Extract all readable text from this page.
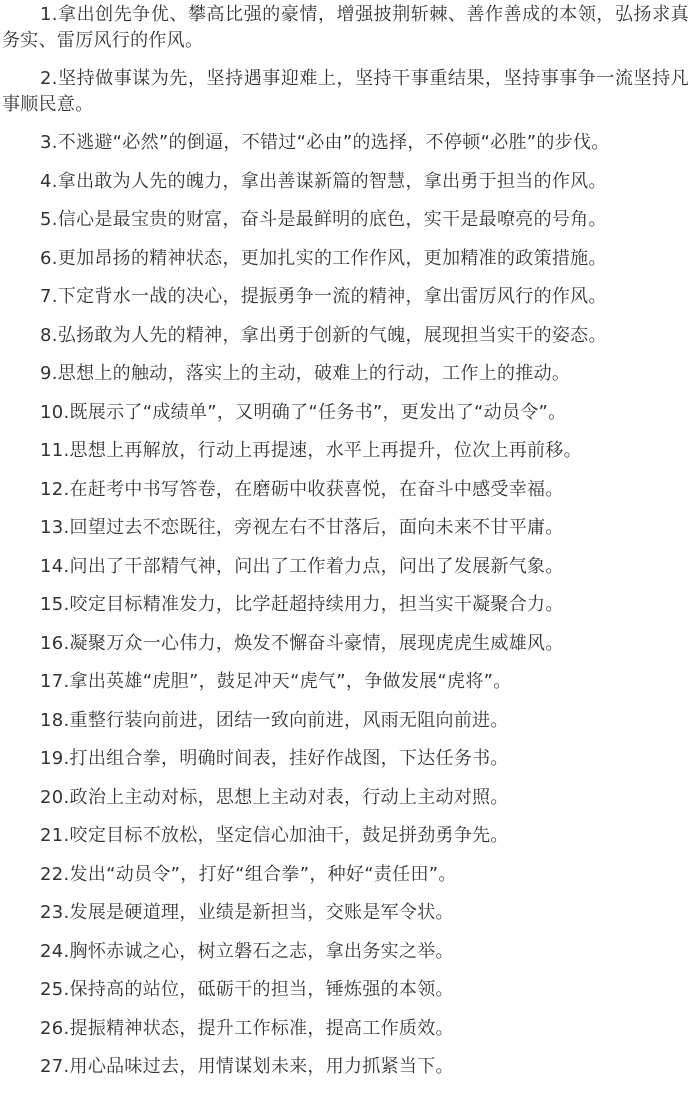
1.拿出创先争优、攀高比强的豪情，增强披荆斩棘、善作善成的本领，弘扬求真务实、雷厉风行的作风。

2.坚持做事谋为先，坚持遇事迎难上，坚持干事重结果，坚持事事争一流坚持凡事顺民意。

3.不逃避“必然”的倒逼，不错过“必由”的选择，不停顿“必胜”的步伐。

4.拿出敢为人先的魄力，拿出善谋新篇的智慧，拿出勇于担当的作风。

5.信心是最宝贵的财富，奋斗是最鲜明的底色，实干是最嘹亮的号角。

6.更加昂扬的精神状态，更加扎实的工作作风，更加精准的政策措施。

7.下定背水一战的决心，提振勇争一流的精神，拿出雷厉风行的作风。

8.弘扬敢为人先的精神，拿出勇于创新的气魄，展现担当实干的姿态。

9.思想上的触动，落实上的主动，破难上的行动，工作上的推动。

10.既展示了“成绩单”，又明确了“任务书”，更发出了“动员令”。

11.思想上再解放，行动上再提速，水平上再提升，位次上再前移。

12.在赶考中书写答卷，在磨砺中收获喜悦，在奋斗中感受幸福。

13.回望过去不恋既往，旁视左右不甘落后，面向未来不甘平庸。

14.问出了干部精气神，问出了工作着力点，问出了发展新气象。

15.咬定目标精准发力，比学赶超持续用力，担当实干凝聚合力。

16.凝聚万众一心伟力，焕发不懈奋斗豪情，展现虎虎生威雄风。

17.拿出英雄“虎胆”，鼓足冲天“虎气”，争做发展“虎将”。

18.重整行装向前进，团结一致向前进，风雨无阻向前进。

19.打出组合拳，明确时间表，挂好作战图，下达任务书。

20.政治上主动对标，思想上主动对表，行动上主动对照。

21.咬定目标不放松，坚定信心加油干，鼓足拼劲勇争先。

22.发出“动员令”，打好“组合拳”，种好“责任田”。

23.发展是硬道理，业绩是新担当，交账是军令状。

24.胸怀赤诚之心，树立磐石之志，拿出务实之举。

25.保持高的站位，砥砺干的担当，锤炼强的本领。

26.提振精神状态，提升工作标准，提高工作质效。

27.用心品味过去，用情谋划未来，用力抓紧当下。
